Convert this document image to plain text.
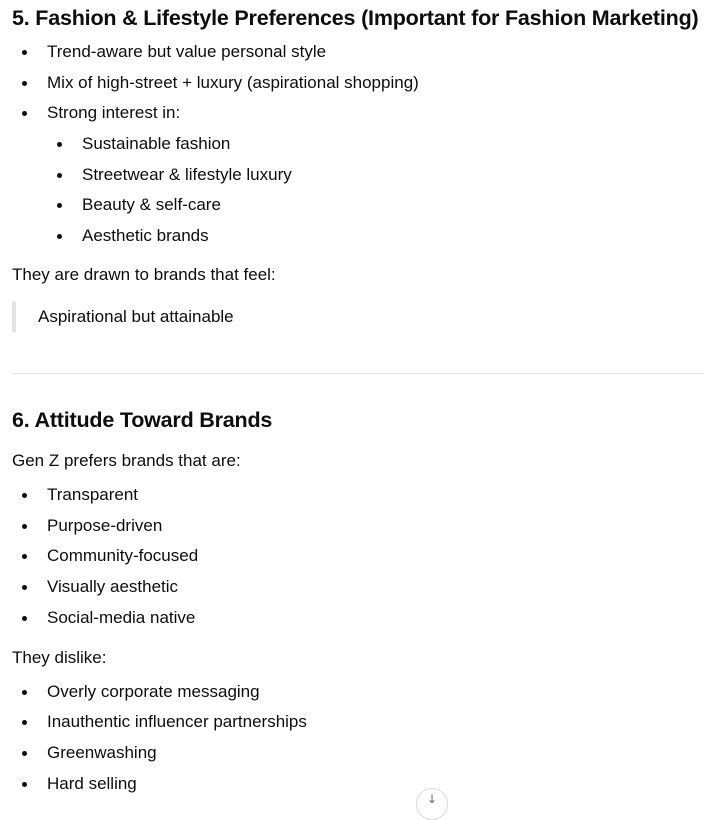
5. Fashion & Lifestyle Preferences (Important for Fashion Marketing)
Trend-aware but value personal style
Mix of high-street + luxury (aspirational shopping)
Strong interest in:
Sustainable fashion
Streetwear & lifestyle luxury
Beauty & self-care
Aesthetic brands

They are drawn to brands that feel:

Aspirational but attainable
6. Attitude Toward Brands

Gen Z prefers brands that are:

Transparent
Purpose-driven
Community-focused
Visually aesthetic
Social-media native

They dislike:

Overly corporate messaging
Inauthentic influencer partnerships
Greenwashing
Hard selling
↓
